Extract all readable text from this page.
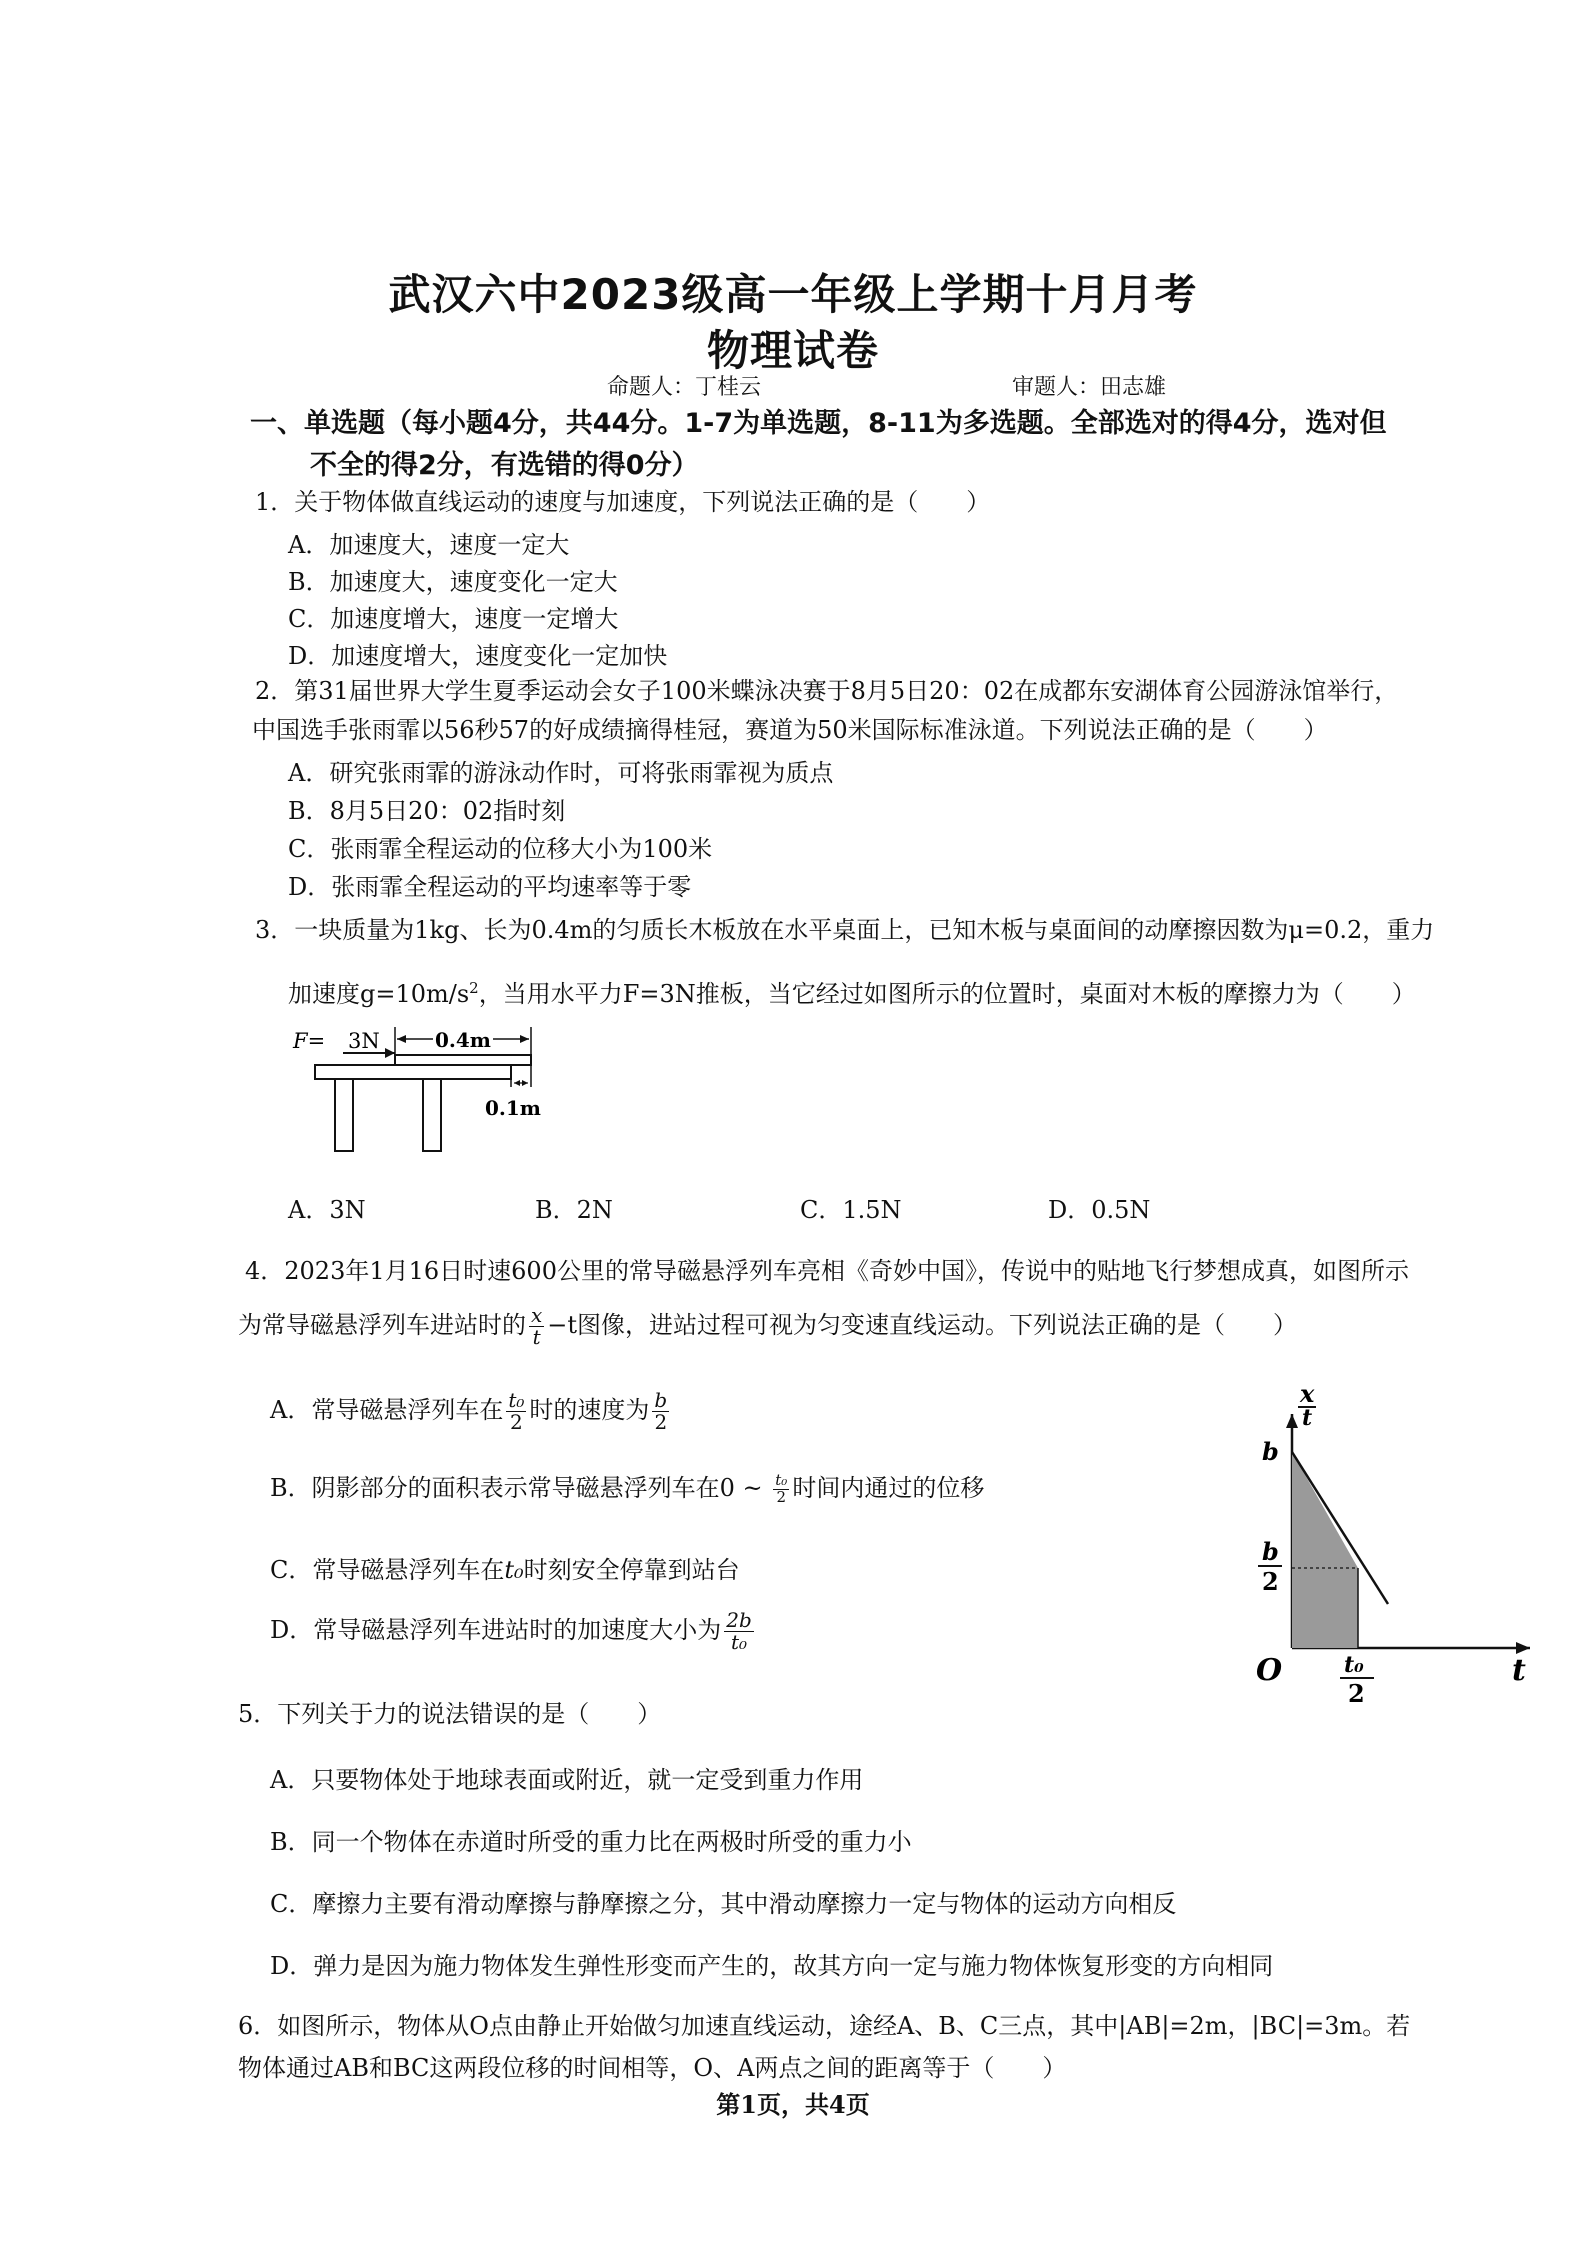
武汉六中2023级高一年级上学期十月月考
物理试卷
命题人：丁桂云	审题人：田志雄
一、单选题（每小题4分，共44分。1-7为单选题，8-11为多选题。全部选对的得4分，选对但
不全的得2分，有选错的得0分）
1．关于物体做直线运动的速度与加速度，下列说法正确的是（　　）
A．加速度大，速度一定大
B．加速度大，速度变化一定大
C．加速度增大，速度一定增大
D．加速度增大，速度变化一定加快
2．第31届世界大学生夏季运动会女子100米蝶泳决赛于8月5日20：02在成都东安湖体育公园游泳馆举行，
中国选手张雨霏以56秒57的好成绩摘得桂冠，赛道为50米国际标准泳道。下列说法正确的是（　　）
A．研究张雨霏的游泳动作时，可将张雨霏视为质点
B．8月5日20：02指时刻
C．张雨霏全程运动的位移大小为100米
D．张雨霏全程运动的平均速率等于零
3．一块质量为1kg、长为0.4m的匀质长木板放在水平桌面上，已知木板与桌面间的动摩擦因数为μ=0.2，重力
加速度$g=10m/s^2$，当用水平力F=3N推板，当它经过如图所示的位置时，桌面对木板的摩擦力为（　　）
F= 3N	0.4m
0.1m
A．3N	B．2N	C．1.5N	D．0.5N
4．2023年1月16日时速600公里的常导磁悬浮列车亮相《奇妙中国》，传说中的贴地飞行梦想成真，如图所示
为常导磁悬浮列车进站时的 $\frac{x}{t} -t$图像，进站过程可视为匀变速直线运动。下列说法正确的是（　　）
A．常导磁悬浮列车在 $\frac{\text{t₀}}{2}$ 时的速度为 $\frac{b}{2}$
B．阴影部分的面积表示常导磁悬浮列车在0 ~ $\frac{\text{t₀}}{2}$ 时间内通过的位移
C．常导磁悬浮列车在t₀时刻安全停靠到站台
D．常导磁悬浮列车进站时的加速度大小为 $\frac{2b}{\text{t₀}}$
x
t
b
b
2
O	t₀
2
t
5．下列关于力的说法错误的是（　　）
A．只要物体处于地球表面或附近，就一定受到重力作用
B．同一个物体在赤道时所受的重力比在两极时所受的重力小
C．摩擦力主要有滑动摩擦与静摩擦之分，其中滑动摩擦力一定与物体的运动方向相反
D．弹力是因为施力物体发生弹性形变而产生的，故其方向一定与施力物体恢复形变的方向相同
6．如图所示，物体从O点由静止开始做匀加速直线运动，途经A、B、C三点，其中|AB|=2m，|BC|=3m。若
物体通过AB和BC这两段位移的时间相等，O、A两点之间的距离等于（　　）
第1页，共4页
